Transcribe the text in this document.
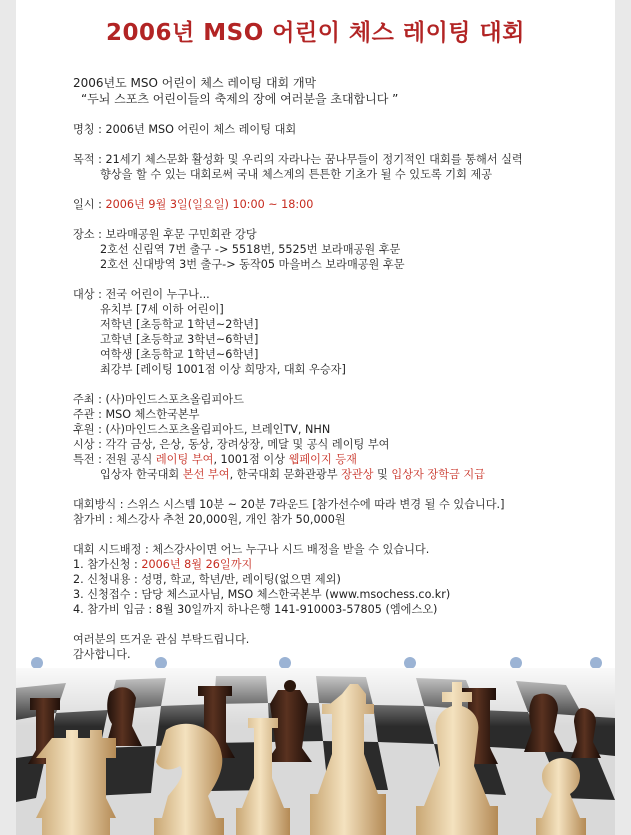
2006년 MSO 어린이 체스 레이팅 대회
2006년도 MSO 어린이 체스 레이팅 대회 개막
“두뇌 스포츠 어린이들의 축제의 장에 여러분을 초대합니다 ”
명칭 : 2006년 MSO 어린이 체스 레이팅 대회
목적 : 21세기 체스문화 활성화 및 우리의 자라나는 꿈나무들이 정기적인 대회를 통해서 실력
향상을 할 수 있는 대회로써 국내 체스계의 튼튼한 기초가 될 수 있도록 기회 제공
일시 : 2006년 9월 3일(일요일) 10:00 ~ 18:00
장소 : 보라매공원 후문 구민회관 강당
2호선 신림역 7번 출구 -> 5518번, 5525번 보라매공원 후문
2호선 신대방역 3번 출구-> 동작05 마을버스 보라매공원 후문
대상 : 전국 어린이 누구나...
유치부 [7세 이하 어린이]
저학년 [초등학교 1학년~2학년]
고학년 [초등학교 3학년~6학년]
여학생 [초등학교 1학년~6학년]
최강부 [레이팅 1001점 이상 희망자, 대회 우승자]
주최 : (사)마인드스포츠올림피아드
주관 : MSO 체스한국본부
후원 : (사)마인드스포츠올림피아드, 브레인TV, NHN
시상 : 각각 금상, 은상, 동상, 장려상장, 메달 및 공식 레이팅 부여
특전 : 전원 공식 레이팅 부여, 1001점 이상 웹페이지 등재
입상자 한국대회 본선 부여, 한국대회 문화관광부 장관상 및 입상자 장학금 지급
대회방식 : 스위스 시스템 10분 ~ 20분 7라운드 [참가선수에 따라 변경 될 수 있습니다.]
참가비 : 체스강사 추천 20,000원, 개인 참가 50,000원
대회 시드배정 : 체스강사이면 어느 누구나 시드 배정을 받을 수 있습니다.
1. 참가신청 : 2006년 8월 26일까지
2. 신청내용 : 성명, 학교, 학년/반, 레이팅(없으면 제외)
3. 신청접수 : 담당 체스교사님, MSO 체스한국본부 (www.msochess.co.kr)
4. 참가비 입금 : 8월 30일까지 하나은행 141-910003-57805 (엠에스오)
여러분의 뜨거운 관심 부탁드립니다.
감사합니다.
